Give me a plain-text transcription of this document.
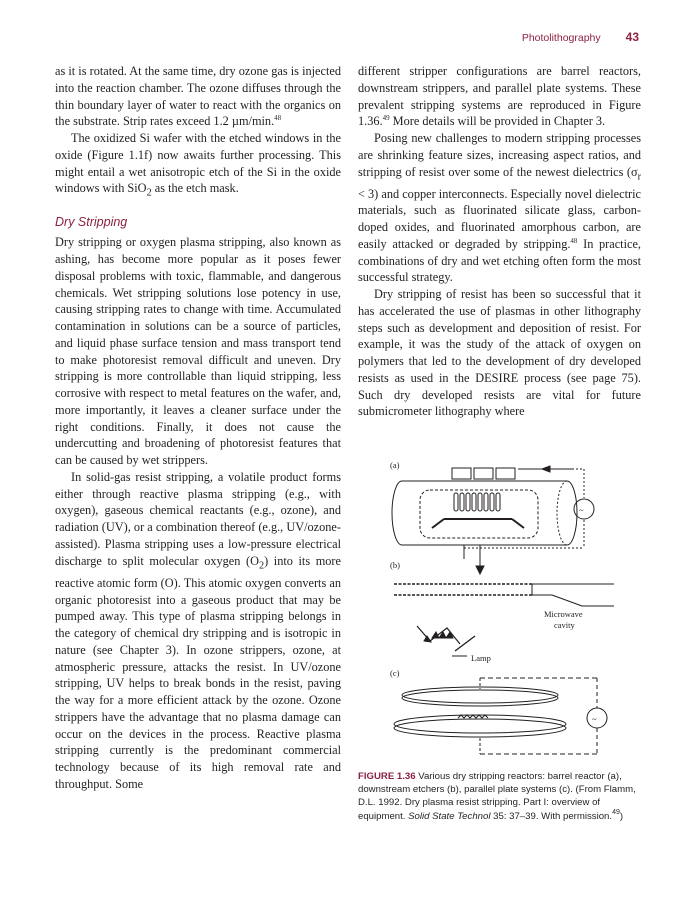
Photolithography 43

as it is rotated. At the same time, dry ozone gas is injected into the reaction chamber. The ozone diffuses through the thin boundary layer of water to react with the organics on the substrate. Strip rates exceed 1.2 µm/min.$^{48}$

The oxidized Si wafer with the etched windows in the oxide (Figure 1.1f) now awaits further processing. This might entail a wet anisotropic etch of the Si in the oxide windows with SiO$_2$ as the etch mask.

Dry Stripping

Dry stripping or oxygen plasma stripping, also known as ashing, has become more popular as it poses fewer disposal problems with toxic, flammable, and dangerous chemicals. Wet stripping solutions lose potency in use, causing stripping rates to change with time. Accumulated contamination in solutions can be a source of particles, and liquid phase surface tension and mass transport tend to make photoresist removal difficult and uneven. Dry stripping is more controllable than liquid stripping, less corrosive with respect to metal features on the wafer, and, more importantly, it leaves a cleaner surface under the right conditions. Finally, it does not cause the undercutting and broadening of photoresist features that can be caused by wet strippers.

In solid-gas resist stripping, a volatile product forms either through reactive plasma stripping (e.g., with oxygen), gaseous chemical reactants (e.g., ozone), and radiation (UV), or a combination thereof (e.g., UV/ozone-assisted). Plasma stripping uses a low-pressure electrical discharge to split molecular oxygen $(O_2)$ into its more reactive atomic form (O). This atomic oxygen converts an organic photoresist into a gaseous product that may be pumped away. This type of plasma stripping belongs in the category of chemical dry stripping and is isotropic in nature (see Chapter 3). In ozone strippers, ozone, at atmospheric pressure, attacks the resist. In UV/ozone stripping, UV helps to break bonds in the resist, paving the way for a more efficient attack by the ozone. Ozone strippers have the advantage that no plasma damage can occur on the devices in the process. Reactive plasma stripping currently is the predominant commercial technology because of its high removal rate and throughput. Some

different stripper configurations are barrel reactors, downstream strippers, and parallel plate systems. These prevalent stripping systems are reproduced in Figure 1.36.49 More details will be provided in Chapter 3.

Posing new challenges to modern stripping processes are shrinking feature sizes, increasing aspect ratios, and stripping of resist over some of the newest dielectrics $(\sigma_r < 3)$ and copper interconnects. Especially novel dielectric materials, such as fluorinated silicate glass, carbon-doped oxides, and fluorinated amorphous carbon, are easily attacked or degraded by stripping.$^{48}$ In practice, combinations of dry and wet etching often form the most successful strategy.

Dry stripping of resist has been so successful that it has accelerated the use of plasmas in other lithography steps such as development and deposition of resist. For example, it was the study of the attack of oxygen on polymers that led to the development of dry developed resists as used in the DESIRE process (see page 75). Such dry developed resists are vital for future submicrometer lithography where

(a)
~
(b)
Microwave
cavity
Lamp
(c)
~
FIGURE 1.36 Various dry stripping reactors: barrel reactor (a), downstream etchers (b), parallel plate systems (c). (From Flamm, D.L. 1992. Dry plasma resist stripping. Part I: overview of equipment. Solid State Technol 35: 37–39. With permission.$^{49}$)
